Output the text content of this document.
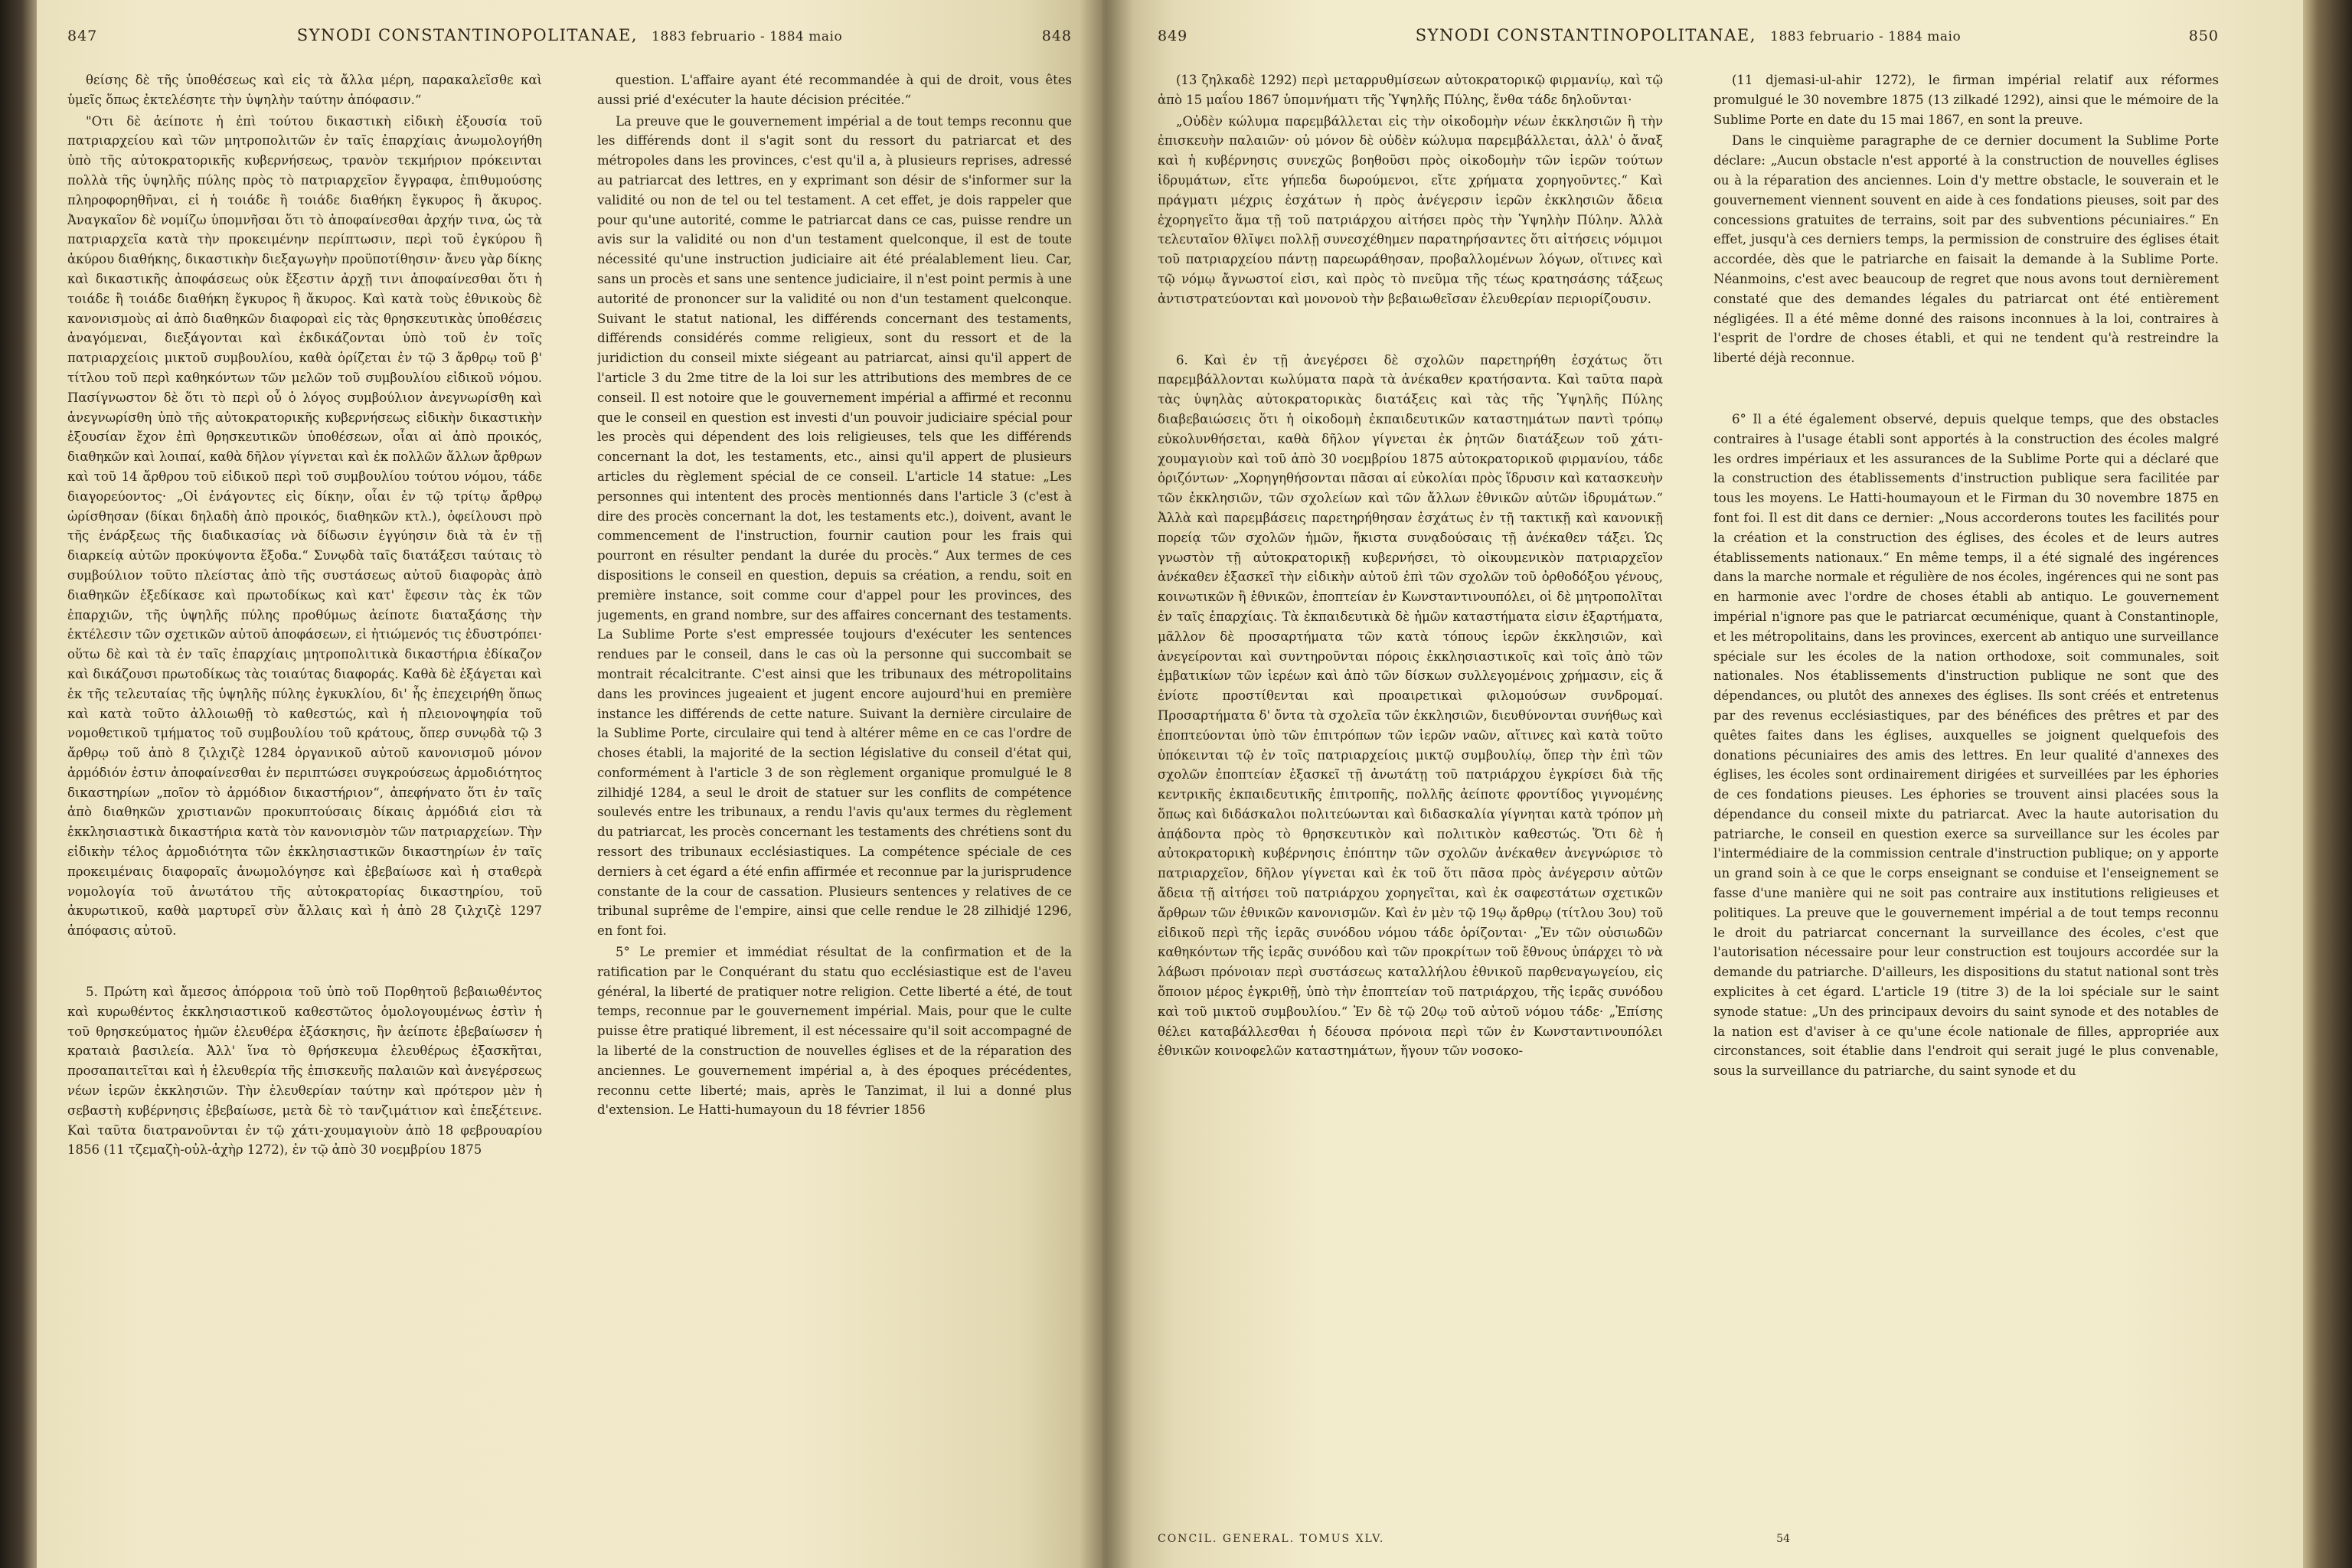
847	SYNODI CONSTANTINOPOLITANAE, 1883 februario - 1884 maio	848

θείσης δὲ τῆς ὑποθέσεως καὶ εἰς τὰ ἄλλα μέρη, παρακαλεῖσθε καὶ ὑμεῖς ὅπως ἐκτελέσητε τὴν ὑψηλὴν ταύτην ἀπόφασιν.“

"Οτι δὲ ἀείποτε ἡ ἐπὶ τούτου δικαστικὴ εἰδικὴ ἐξουσία τοῦ πατριαρχείου καὶ τῶν μητροπολιτῶν ἐν ταῖς ἐπαρχίαις ἀνωμολογήθη ὑπὸ τῆς αὐτοκρατορικῆς κυβερνήσεως, τρανὸν τεκμήριον πρόκεινται πολλὰ τῆς ὑψηλῆς πύλης πρὸς τὸ πατριαρχεῖον ἔγγραφα, ἐπιθυμούσης πληροφορηθῆναι, εἰ ἡ τοιάδε ἢ τοιάδε διαθήκη ἔγκυρος ἢ ἄκυρος. Ἀναγκαῖον δὲ νομίζω ὑπομνῆσαι ὅτι τὸ ἀποφαίνεσθαι ἀρχήν τινα, ὡς τὰ πατριαρχεῖα κατὰ τὴν προκειμένην περίπτωσιν, περὶ τοῦ ἐγκύρου ἢ ἀκύρου διαθήκης, δικαστικὴν διεξαγωγὴν προϋποτίθησιν· ἄνευ γὰρ δίκης καὶ δικαστικῆς ἀποφάσεως οὐκ ἔξεστιν ἀρχῇ τινι ἀποφαίνεσθαι ὅτι ἡ τοιάδε ἢ τοιάδε διαθήκη ἔγκυρος ἢ ἄκυρος. Καὶ κατὰ τοὺς ἐθνικοὺς δὲ κανονισμοὺς αἱ ἀπὸ διαθηκῶν διαφοραὶ εἰς τὰς θρησκευτικὰς ὑποθέσεις ἀναγόμεναι, διεξάγονται καὶ ἐκδικάζονται ὑπὸ τοῦ ἐν τοῖς πατριαρχείοις μικτοῦ συμβουλίου, καθὰ ὁρίζεται ἐν τῷ 3 ἄρθρῳ τοῦ β' τίτλου τοῦ περὶ καθηκόντων τῶν μελῶν τοῦ συμβουλίου εἰδικοῦ νόμου. Πασίγνωστον δὲ ὅτι τὸ περὶ οὗ ὁ λόγος συμβούλιον ἀνεγνωρίσθη καὶ ἀνεγνωρίσθη ὑπὸ τῆς αὐτοκρατορικῆς κυβερνήσεως εἰδικὴν δικαστικὴν ἐξουσίαν ἔχον ἐπὶ θρησκευτικῶν ὑποθέσεων, οἷαι αἱ ἀπὸ προικός, διαθηκῶν καὶ λοιπαί, καθὰ δῆλον γίγνεται καὶ ἐκ πολλῶν ἄλλων ἄρθρων καὶ τοῦ 14 ἄρθρου τοῦ εἰδικοῦ περὶ τοῦ συμβουλίου τούτου νόμου, τάδε διαγορεύοντος· „Οἱ ἐνάγοντες εἰς δίκην, οἷαι ἐν τῷ τρίτῳ ἄρθρῳ ὡρίσθησαν (δίκαι δηλαδὴ ἀπὸ προικός, διαθηκῶν κτλ.), ὀφείλουσι πρὸ τῆς ἐνάρξεως τῆς διαδικασίας νὰ δίδωσιν ἐγγύησιν διὰ τὰ ἐν τῇ διαρκείᾳ αὐτῶν προκύψοντα ἔξοδα.“ Συνῳδὰ ταῖς διατάξεσι ταύταις τὸ συμβούλιον τοῦτο πλείστας ἀπὸ τῆς συστάσεως αὐτοῦ διαφορὰς ἀπὸ διαθηκῶν ἐξεδίκασε καὶ πρωτοδίκως καὶ κατ' ἔφεσιν τὰς ἐκ τῶν ἐπαρχιῶν, τῆς ὑψηλῆς πύλης προθύμως ἀείποτε διαταξάσης τὴν ἐκτέλεσιν τῶν σχετικῶν αὐτοῦ ἀποφάσεων, εἰ ἠτιώμενός τις ἐδυστρόπει· οὕτω δὲ καὶ τὰ ἐν ταῖς ἐπαρχίαις μητροπολιτικὰ δικαστήρια ἐδίκαζον καὶ δικάζουσι πρωτοδίκως τὰς τοιαύτας διαφοράς. Καθὰ δὲ ἐξάγεται καὶ ἐκ τῆς τελευταίας τῆς ὑψηλῆς πύλης ἐγκυκλίου, δι' ἧς ἐπεχειρήθη ὅπως καὶ κατὰ τοῦτο ἀλλοιωθῇ τὸ καθεστώς, καὶ ἡ πλειονοψηφία τοῦ νομοθετικοῦ τμήματος τοῦ συμβουλίου τοῦ κράτους, ὅπερ συνῳδὰ τῷ 3 ἄρθρῳ τοῦ ἀπὸ 8 ζιλχιζὲ 1284 ὀργανικοῦ αὐτοῦ κανονισμοῦ μόνον ἁρμόδιόν ἐστιν ἀποφαίνεσθαι ἐν περιπτώσει συγκρούσεως ἁρμοδιότητος δικαστηρίων „ποῖον τὸ ἁρμόδιον δικαστήριον“, ἀπεφήνατο ὅτι ἐν ταῖς ἀπὸ διαθηκῶν χριστιανῶν προκυπτούσαις δίκαις ἁρμόδιά εἰσι τὰ ἐκκλησιαστικὰ δικαστήρια κατὰ τὸν κανονισμὸν τῶν πατριαρχείων. Τὴν εἰδικὴν τέλος ἁρμοδιότητα τῶν ἐκκλησιαστικῶν δικαστηρίων ἐν ταῖς προκειμέναις διαφοραῖς ἀνωμολόγησε καὶ ἐβεβαίωσε καὶ ἡ σταθερὰ νομολογία τοῦ ἀνωτάτου τῆς αὐτοκρατορίας δικαστηρίου, τοῦ ἀκυρωτικοῦ, καθὰ μαρτυρεῖ σὺν ἄλλαις καὶ ἡ ἀπὸ 28 ζιλχιζὲ 1297 ἀπόφασις αὐτοῦ.

5. Πρώτη καὶ ἄμεσος ἀπόρροια τοῦ ὑπὸ τοῦ Πορθητοῦ βεβαιωθέντος καὶ κυρωθέντος ἐκκλησιαστικοῦ καθεστῶτος ὁμολογουμένως ἐστὶν ἡ τοῦ θρησκεύματος ἡμῶν ἐλευθέρα ἐξάσκησις, ἣν ἀείποτε ἐβεβαίωσεν ἡ κραταιὰ βασιλεία. Ἀλλ' ἵνα τὸ θρήσκευμα ἐλευθέρως ἐξασκῆται, προσαπαιτεῖται καὶ ἡ ἐλευθερία τῆς ἐπισκευῆς παλαιῶν καὶ ἀνεγέρσεως νέων ἱερῶν ἐκκλησιῶν. Τὴν ἐλευθερίαν ταύτην καὶ πρότερον μὲν ἡ σεβαστὴ κυβέρνησις ἐβεβαίωσε, μετὰ δὲ τὸ τανζιμάτιον καὶ ἐπεξέτεινε. Καὶ ταῦτα διατρανοῦνται ἐν τῷ χάτι-χουμαγιοὺν ἀπὸ 18 φεβρουαρίου 1856 (11 τζεμαζὴ-οὐλ-ἀχὴρ 1272), ἐν τῷ ἀπὸ 30 νοεμβρίου 1875

question. L'affaire ayant été recommandée à qui de droit, vous êtes aussi prié d'exécuter la haute décision précitée.“

La preuve que le gouvernement impérial a de tout temps reconnu que les différends dont il s'agit sont du ressort du patriarcat et des métropoles dans les provinces, c'est qu'il a, à plusieurs reprises, adressé au patriarcat des lettres, en y exprimant son désir de s'informer sur la validité ou non de tel ou tel testament. A cet effet, je dois rappeler que pour qu'une autorité, comme le patriarcat dans ce cas, puisse rendre un avis sur la validité ou non d'un testament quelconque, il est de toute nécessité qu'une instruction judiciaire ait été préalablement lieu. Car, sans un procès et sans une sentence judiciaire, il n'est point permis à une autorité de prononcer sur la validité ou non d'un testament quelconque. Suivant le statut national, les différends concernant des testaments, différends considérés comme religieux, sont du ressort et de la juridiction du conseil mixte siégeant au patriarcat, ainsi qu'il appert de l'article 3 du 2me titre de la loi sur les attributions des membres de ce conseil. Il est notoire que le gouvernement impérial a affirmé et reconnu que le conseil en question est investi d'un pouvoir judiciaire spécial pour les procès qui dépendent des lois religieuses, tels que les différends concernant la dot, les testaments, etc., ainsi qu'il appert de plusieurs articles du règlement spécial de ce conseil. L'article 14 statue: „Les personnes qui intentent des procès mentionnés dans l'article 3 (c'est à dire des procès concernant la dot, les testaments etc.), doivent, avant le commencement de l'instruction, fournir caution pour les frais qui pourront en résulter pendant la durée du procès.“ Aux termes de ces dispositions le conseil en question, depuis sa création, a rendu, soit en première instance, soit comme cour d'appel pour les provinces, des jugements, en grand nombre, sur des affaires concernant des testaments. La Sublime Porte s'est empressée toujours d'exécuter les sentences rendues par le conseil, dans le cas où la personne qui succombait se montrait récalcitrante. C'est ainsi que les tribunaux des métropolitains dans les provinces jugeaient et jugent encore aujourd'hui en première instance les différends de cette nature. Suivant la dernière circulaire de la Sublime Porte, circulaire qui tend à altérer même en ce cas l'ordre de choses établi, la majorité de la section législative du conseil d'état qui, conformément à l'article 3 de son règlement organique promulgué le 8 zilhidjé 1284, a seul le droit de statuer sur les conflits de compétence soulevés entre les tribunaux, a rendu l'avis qu'aux termes du règlement du patriarcat, les procès concernant les testaments des chrétiens sont du ressort des tribunaux ecclésiastiques. La compétence spéciale de ces derniers à cet égard a été enfin affirmée et reconnue par la jurisprudence constante de la cour de cassation. Plusieurs sentences y relatives de ce tribunal suprême de l'empire, ainsi que celle rendue le 28 zilhidjé 1296, en font foi.

5° Le premier et immédiat résultat de la confirmation et de la ratification par le Conquérant du statu quo ecclésiastique est de l'aveu général, la liberté de pratiquer notre religion. Cette liberté a été, de tout temps, reconnue par le gouvernement impérial. Mais, pour que le culte puisse être pratiqué librement, il est nécessaire qu'il soit accompagné de la liberté de la construction de nouvelles églises et de la réparation des anciennes. Le gouvernement impérial a, à des époques précédentes, reconnu cette liberté; mais, après le Tanzimat, il lui a donné plus d'extension. Le Hatti-humayoun du 18 février 1856

849	SYNODI CONSTANTINOPOLITANAE, 1883 februario - 1884 maio	850

(13 ζηλκαδὲ 1292) περὶ μεταρρυθμίσεων αὐτοκρατορικῷ φιρμανίῳ, καὶ τῷ ἀπὸ 15 μαΐου 1867 ὑπομνήματι τῆς Ὑψηλῆς Πύλης, ἔνθα τάδε δηλοῦνται·

„Οὐδὲν κώλυμα παρεμβάλλεται εἰς τὴν οἰκοδομὴν νέων ἐκκλησιῶν ἢ τὴν ἐπισκευὴν παλαιῶν· οὐ μόνον δὲ οὐδὲν κώλυμα παρεμβάλλεται, ἀλλ' ὁ ἄναξ καὶ ἡ κυβέρνησις συνεχῶς βοηθοῦσι πρὸς οἰκοδομὴν τῶν ἱερῶν τούτων ἱδρυμάτων, εἴτε γήπεδα δωρούμενοι, εἴτε χρήματα χορηγοῦντες.“ Καὶ πράγματι μέχρις ἐσχάτων ἡ πρὸς ἀνέγερσιν ἱερῶν ἐκκλησιῶν ἄδεια ἐχορηγεῖτο ἅμα τῇ τοῦ πατριάρχου αἰτήσει πρὸς τὴν Ὑψηλὴν Πύλην. Ἀλλὰ τελευταῖον θλῖψει πολλῇ συνεσχέθημεν παρατηρήσαντες ὅτι αἰτήσεις νόμιμοι τοῦ πατριαρχείου πάντῃ παρεωράθησαν, προβαλλομένων λόγων, οἵτινες καὶ τῷ νόμῳ ἄγνωστοί εἰσι, καὶ πρὸς τὸ πνεῦμα τῆς τέως κρατησάσης τάξεως ἀντιστρατεύονται καὶ μονονοὺ τὴν βεβαιωθεῖσαν ἐλευθερίαν περιορίζουσιν.

6. Καὶ ἐν τῇ ἀνεγέρσει δὲ σχολῶν παρετηρήθη ἐσχάτως ὅτι παρεμβάλλονται κωλύματα παρὰ τὰ ἀνέκαθεν κρατήσαντα. Καὶ ταῦτα παρὰ τὰς ὑψηλὰς αὐτοκρατορικὰς διατάξεις καὶ τὰς τῆς Ὑψηλῆς Πύλης διαβεβαιώσεις ὅτι ἡ οἰκοδομὴ ἐκπαιδευτικῶν καταστημάτων παντὶ τρόπῳ εὐκολυνθήσεται, καθὰ δῆλον γίγνεται ἐκ ῥητῶν διατάξεων τοῦ χάτι-χουμαγιοὺν καὶ τοῦ ἀπὸ 30 νοεμβρίου 1875 αὐτοκρατορικοῦ φιρμανίου, τάδε ὁριζόντων· „Χορηγηθήσονται πᾶσαι αἱ εὐκολίαι πρὸς ἵδρυσιν καὶ κατασκευὴν τῶν ἐκκλησιῶν, τῶν σχολείων καὶ τῶν ἄλλων ἐθνικῶν αὐτῶν ἱδρυμάτων.“ Ἀλλὰ καὶ παρεμβάσεις παρετηρήθησαν ἐσχάτως ἐν τῇ τακτικῇ καὶ κανονικῇ πορείᾳ τῶν σχολῶν ἡμῶν, ἥκιστα συνᾳδούσαις τῇ ἀνέκαθεν τάξει. Ὡς γνωστὸν τῇ αὐτοκρατορικῇ κυβερνήσει, τὸ οἰκουμενικὸν πατριαρχεῖον ἀνέκαθεν ἐξασκεῖ τὴν εἰδικὴν αὐτοῦ ἐπὶ τῶν σχολῶν τοῦ ὀρθοδόξου γένους, κοινωτικῶν ἢ ἐθνικῶν, ἐποπτείαν ἐν Κωνσταντινουπόλει, οἱ δὲ μητροπολῖται ἐν ταῖς ἐπαρχίαις. Τὰ ἐκπαιδευτικὰ δὲ ἡμῶν καταστήματα εἰσιν ἐξαρτήματα, μᾶλλον δὲ προσαρτήματα τῶν κατὰ τόπους ἱερῶν ἐκκλησιῶν, καὶ ἀνεγείρονται καὶ συντηροῦνται πόροις ἐκκλησιαστικοῖς καὶ τοῖς ἀπὸ τῶν ἐμβατικίων τῶν ἱερέων καὶ ἀπὸ τῶν δίσκων συλλεγομένοις χρήμασιν, εἰς ἅ ἐνίοτε προστίθενται καὶ προαιρετικαὶ φιλομούσων συνδρομαί. Προσαρτήματα δ' ὄντα τὰ σχολεῖα τῶν ἐκκλησιῶν, διευθύνονται συνήθως καὶ ἐποπτεύονται ὑπὸ τῶν ἐπιτρόπων τῶν ἱερῶν ναῶν, αἵτινες καὶ κατὰ τοῦτο ὑπόκεινται τῷ ἐν τοῖς πατριαρχείοις μικτῷ συμβουλίῳ, ὅπερ τὴν ἐπὶ τῶν σχολῶν ἐποπτείαν ἐξασκεῖ τῇ ἀνωτάτῃ τοῦ πατριάρχου ἐγκρίσει διὰ τῆς κεντρικῆς ἐκπαιδευτικῆς ἐπιτροπῆς, πολλῆς ἀείποτε φροντίδος γιγνομένης ὅπως καὶ διδάσκαλοι πολιτεύωνται καὶ διδασκαλία γίγνηται κατὰ τρόπον μὴ ἀπᾴδοντα πρὸς τὸ θρησκευτικὸν καὶ πολιτικὸν καθεστώς. Ὅτι δὲ ἡ αὐτοκρατορικὴ κυβέρνησις ἐπόπτην τῶν σχολῶν ἀνέκαθεν ἀνεγνώρισε τὸ πατριαρχεῖον, δῆλον γίγνεται καὶ ἐκ τοῦ ὅτι πᾶσα πρὸς ἀνέγερσιν αὐτῶν ἄδεια τῇ αἰτήσει τοῦ πατριάρχου χορηγεῖται, καὶ ἐκ σαφεστάτων σχετικῶν ἄρθρων τῶν ἐθνικῶν κανονισμῶν. Καὶ ἐν μὲν τῷ 19ῳ ἄρθρῳ (τίτλου 3ου) τοῦ εἰδικοῦ περὶ τῆς ἱερᾶς συνόδου νόμου τάδε ὁρίζονται· „Ἐν τῶν οὐσιωδῶν καθηκόντων τῆς ἱερᾶς συνόδου καὶ τῶν προκρίτων τοῦ ἔθνους ὑπάρχει τὸ νὰ λάβωσι πρόνοιαν περὶ συστάσεως καταλλήλου ἐθνικοῦ παρθεναγωγείου, εἰς ὅποιον μέρος ἐγκριθῇ, ὑπὸ τὴν ἐποπτείαν τοῦ πατριάρχου, τῆς ἱερᾶς συνόδου καὶ τοῦ μικτοῦ συμβουλίου.“ Ἐν δὲ τῷ 20ῳ τοῦ αὐτοῦ νόμου τάδε· „Ἐπίσης θέλει καταβάλλεσθαι ἡ δέουσα πρόνοια περὶ τῶν ἐν Κωνσταντινουπόλει ἐθνικῶν κοινοφελῶν καταστημάτων, ἤγουν τῶν νοσοκο-

(11 djemasi-ul-ahir 1272), le firman impérial relatif aux réformes promulgué le 30 novembre 1875 (13 zilkadé 1292), ainsi que le mémoire de la Sublime Porte en date du 15 mai 1867, en sont la preuve.

Dans le cinquième paragraphe de ce dernier document la Sublime Porte déclare: „Aucun obstacle n'est apporté à la construction de nouvelles églises ou à la réparation des anciennes. Loin d'y mettre obstacle, le souverain et le gouvernement viennent souvent en aide à ces fondations pieuses, soit par des concessions gratuites de terrains, soit par des subventions pécuniaires.“ En effet, jusqu'à ces derniers temps, la permission de construire des églises était accordée, dès que le patriarche en faisait la demande à la Sublime Porte. Néanmoins, c'est avec beaucoup de regret que nous avons tout dernièrement constaté que des demandes légales du patriarcat ont été entièrement négligées. Il a été même donné des raisons inconnues à la loi, contraires à l'esprit de l'ordre de choses établi, et qui ne tendent qu'à restreindre la liberté déjà reconnue.

6° Il a été également observé, depuis quelque temps, que des obstacles contraires à l'usage établi sont apportés à la construction des écoles malgré les ordres impériaux et les assurances de la Sublime Porte qui a déclaré que la construction des établissements d'instruction publique sera facilitée par tous les moyens. Le Hatti-houmayoun et le Firman du 30 novembre 1875 en font foi. Il est dit dans ce dernier: „Nous accorderons toutes les facilités pour la création et la construction des églises, des écoles et de leurs autres établissements nationaux.“ En même temps, il a été signalé des ingérences dans la marche normale et régulière de nos écoles, ingérences qui ne sont pas en harmonie avec l'ordre de choses établi ab antiquo. Le gouvernement impérial n'ignore pas que le patriarcat œcuménique, quant à Constantinople, et les métropolitains, dans les provinces, exercent ab antiquo une surveillance spéciale sur les écoles de la nation orthodoxe, soit communales, soit nationales. Nos établissements d'instruction publique ne sont que des dépendances, ou plutôt des annexes des églises. Ils sont créés et entretenus par des revenus ecclésiastiques, par des bénéfices des prêtres et par des quêtes faites dans les églises, auxquelles se joignent quelquefois des donations pécuniaires des amis des lettres. En leur qualité d'annexes des églises, les écoles sont ordinairement dirigées et surveillées par les éphories de ces fondations pieuses. Les éphories se trouvent ainsi placées sous la dépendance du conseil mixte du patriarcat. Avec la haute autorisation du patriarche, le conseil en question exerce sa surveillance sur les écoles par l'intermédiaire de la commission centrale d'instruction publique; on y apporte un grand soin à ce que le corps enseignant se conduise et l'enseignement se fasse d'une manière qui ne soit pas contraire aux institutions religieuses et politiques. La preuve que le gouvernement impérial a de tout temps reconnu le droit du patriarcat concernant la surveillance des écoles, c'est que l'autorisation nécessaire pour leur construction est toujours accordée sur la demande du patriarche. D'ailleurs, les dispositions du statut national sont très explicites à cet égard. L'article 19 (titre 3) de la loi spéciale sur le saint synode statue: „Un des principaux devoirs du saint synode et des notables de la nation est d'aviser à ce qu'une école nationale de filles, appropriée aux circonstances, soit établie dans l'endroit qui serait jugé le plus convenable, sous la surveillance du patriarche, du saint synode et du

CONCIL. GENERAL. TOMUS XLV.	54
